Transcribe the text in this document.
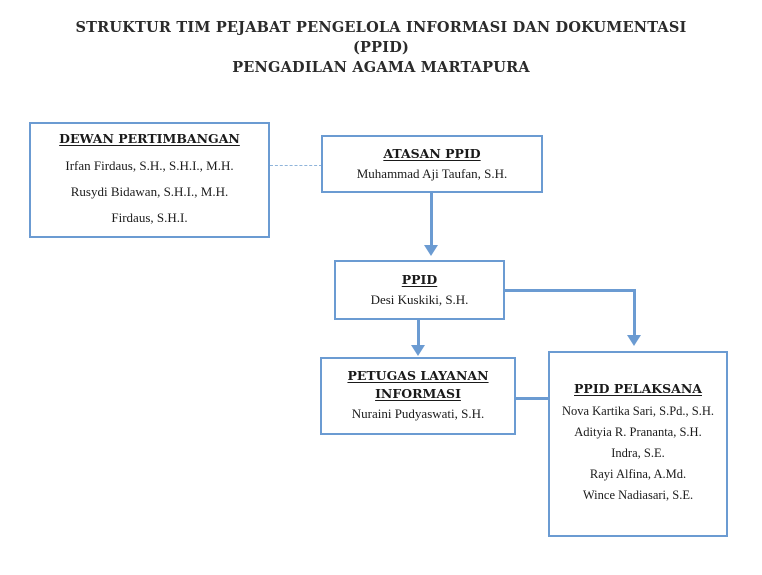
STRUKTUR TIM PEJABAT PENGELOLA INFORMASI DAN DOKUMENTASI
(PPID)
PENGADILAN AGAMA MARTAPURA
DEWAN PERTIMBANGAN
Irfan Firdaus, S.H., S.H.I., M.H.
Rusydi Bidawan, S.H.I., M.H.
Firdaus, S.H.I.
ATASAN PPID
Muhammad Aji Taufan, S.H.
PPID
Desi Kuskiki, S.H.
PETUGAS LAYANAN
INFORMASI
Nuraini Pudyaswati, S.H.
PPID PELAKSANA
Nova Kartika Sari, S.Pd., S.H.
Adityia R. Prananta, S.H.
Indra, S.E.
Rayi Alfina, A.Md.
Wince Nadiasari, S.E.
